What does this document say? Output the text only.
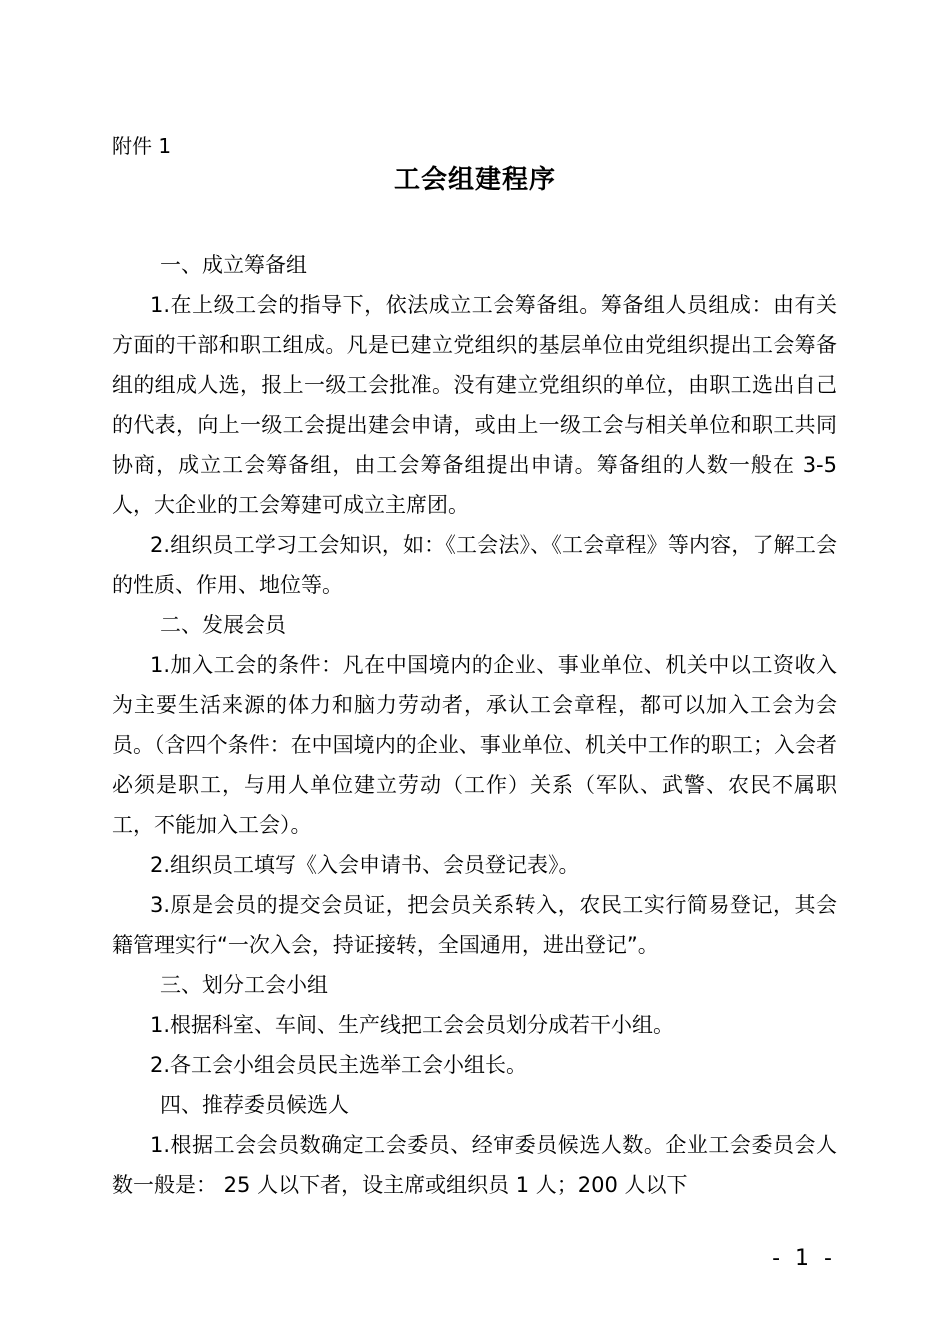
附件 1
工会组建程序
一、成立筹备组

1.在上级工会的指导下，依法成立工会筹备组。筹备组人员组成：由有关方面的干部和职工组成。凡是已建立党组织的基层单位由党组织提出工会筹备组的组成人选，报上一级工会批准。没有建立党组织的单位，由职工选出自己的代表，向上一级工会提出建会申请，或由上一级工会与相关单位和职工共同协商，成立工会筹备组，由工会筹备组提出申请。筹备组的人数一般在 3-5 人，大企业的工会筹建可成立主席团。

2.组织员工学习工会知识，如：《工会法》、《工会章程》等内容，了解工会的性质、作用、地位等。

二、发展会员

1.加入工会的条件：凡在中国境内的企业、事业单位、机关中以工资收入为主要生活来源的体力和脑力劳动者，承认工会章程，都可以加入工会为会员。（含四个条件：在中国境内的企业、事业单位、机关中工作的职工；入会者必须是职工，与用人单位建立劳动（工作）关系（军队、武警、农民不属职工，不能加入工会）。

2.组织员工填写《入会申请书、会员登记表》。

3.原是会员的提交会员证，把会员关系转入，农民工实行简易登记，其会籍管理实行“一次入会，持证接转，全国通用，进出登记”。

三、划分工会小组

1.根据科室、车间、生产线把工会会员划分成若干小组。

2.各工会小组会员民主选举工会小组长。

四、推荐委员候选人

1.根据工会会员数确定工会委员、经审委员候选人数。企业工会委员会人数一般是： 25 人以下者，设主席或组织员 1 人；200 人以下

- 1 -
